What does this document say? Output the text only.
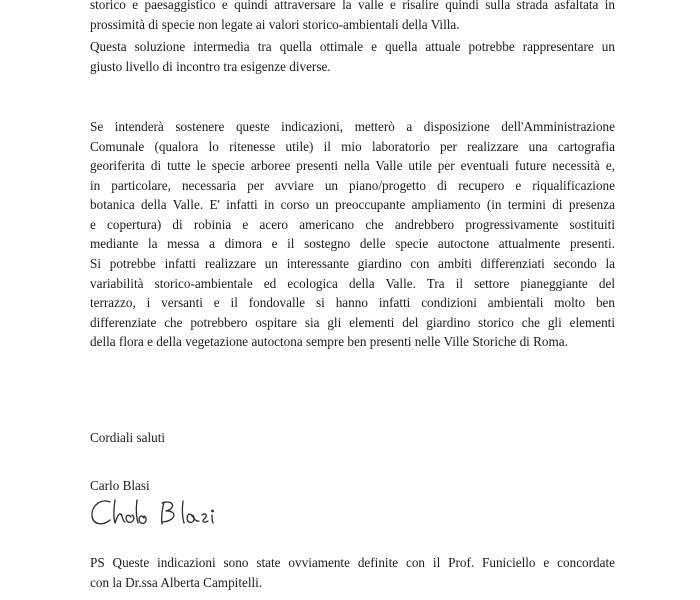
storico e paesaggistico e quindi attraversare la valle e risalire quindi sulla strada asfaltata in
prossimità di specie non legate ai valori storico-ambientali della Villa.
Questa soluzione intermedia tra quella ottimale e quella attuale potrebbe rappresentare un
giusto livello di incontro tra esigenze diverse.
Se intenderà sostenere queste indicazioni, metterò a disposizione dell'Amministrazione
Comunale (qualora lo ritenesse utile) il mio laboratorio per realizzare una cartografia
georiferita di tutte le specie arboree presenti nella Valle utile per eventuali future necessità e,
in particolare, necessaria per avviare un piano/progetto di recupero e riqualificazione
botanica della Valle. E' infatti in corso un preoccupante ampliamento (in termini di presenza
e copertura) di robinia e acero americano che andrebbero progressivamente sostituiti
mediante la messa a dimora e il sostegno delle specie autoctone attualmente presenti.
Si potrebbe infatti realizzare un interessante giardino con ambiti differenziati secondo la
variabilità storico-ambientale ed ecologica della Valle. Tra il settore pianeggiante del
terrazzo, i versanti e il fondovalle si hanno infatti condizioni ambientali molto ben
differenziate che potrebbero ospitare sia gli elementi del giardino storico che gli elementi
della flora e della vegetazione autoctona sempre ben presenti nelle Ville Storiche di Roma.
Cordiali saluti
Carlo Blasi
PS Queste indicazioni sono state ovviamente definite con il Prof. Funiciello e concordate
con la Dr.ssa Alberta Campitelli.
